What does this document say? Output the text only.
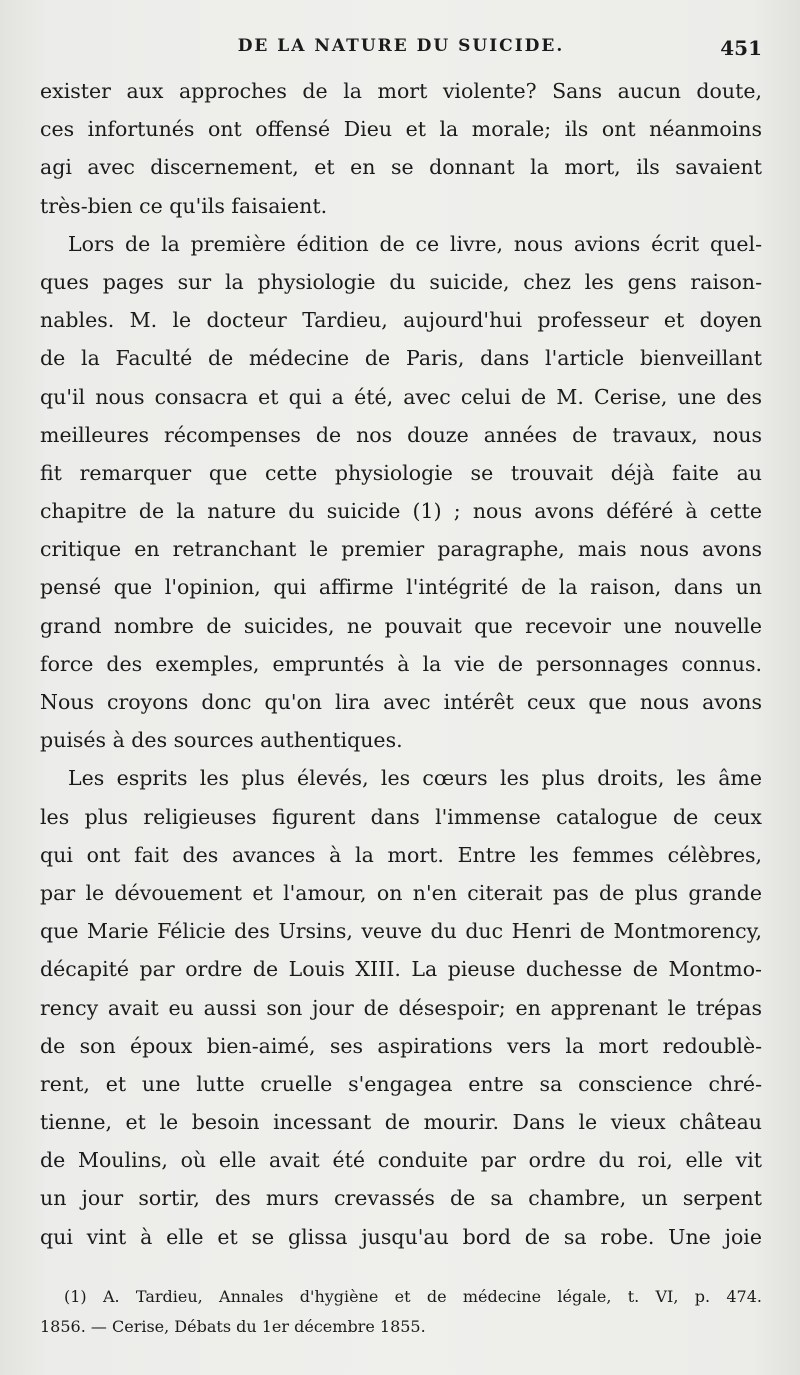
DE LA NATURE DU SUICIDE.	451
exister aux approches de la mort violente? Sans aucun doute,
ces infortunés ont offensé Dieu et la morale; ils ont néanmoins
agi avec discernement, et en se donnant la mort, ils savaient
très-bien ce qu'ils faisaient.
Lors de la première édition de ce livre, nous avions écrit quel-
ques pages sur la physiologie du suicide, chez les gens raison-
nables. M. le docteur Tardieu, aujourd'hui professeur et doyen
de la Faculté de médecine de Paris, dans l'article bienveillant
qu'il nous consacra et qui a été, avec celui de M. Cerise, une des
meilleures récompenses de nos douze années de travaux, nous
fit remarquer que cette physiologie se trouvait déjà faite au
chapitre de la nature du suicide (1) ; nous avons déféré à cette
critique en retranchant le premier paragraphe, mais nous avons
pensé que l'opinion, qui affirme l'intégrité de la raison, dans un
grand nombre de suicides, ne pouvait que recevoir une nouvelle
force des exemples, empruntés à la vie de personnages connus.
Nous croyons donc qu'on lira avec intérêt ceux que nous avons
puisés à des sources authentiques.
Les esprits les plus élevés, les cœurs les plus droits, les âme
les plus religieuses figurent dans l'immense catalogue de ceux
qui ont fait des avances à la mort. Entre les femmes célèbres,
par le dévouement et l'amour, on n'en citerait pas de plus grande
que Marie Félicie des Ursins, veuve du duc Henri de Montmorency,
décapité par ordre de Louis XIII. La pieuse duchesse de Montmo-
rency avait eu aussi son jour de désespoir; en apprenant le trépas
de son époux bien-aimé, ses aspirations vers la mort redoublè-
rent, et une lutte cruelle s'engagea entre sa conscience chré-
tienne, et le besoin incessant de mourir. Dans le vieux château
de Moulins, où elle avait été conduite par ordre du roi, elle vit
un jour sortir, des murs crevassés de sa chambre, un serpent
qui vint à elle et se glissa jusqu'au bord de sa robe. Une joie
(1) A. Tardieu, Annales d'hygiène et de médecine légale, t. VI, p. 474.
1856. — Cerise, Débats du 1er décembre 1855.
